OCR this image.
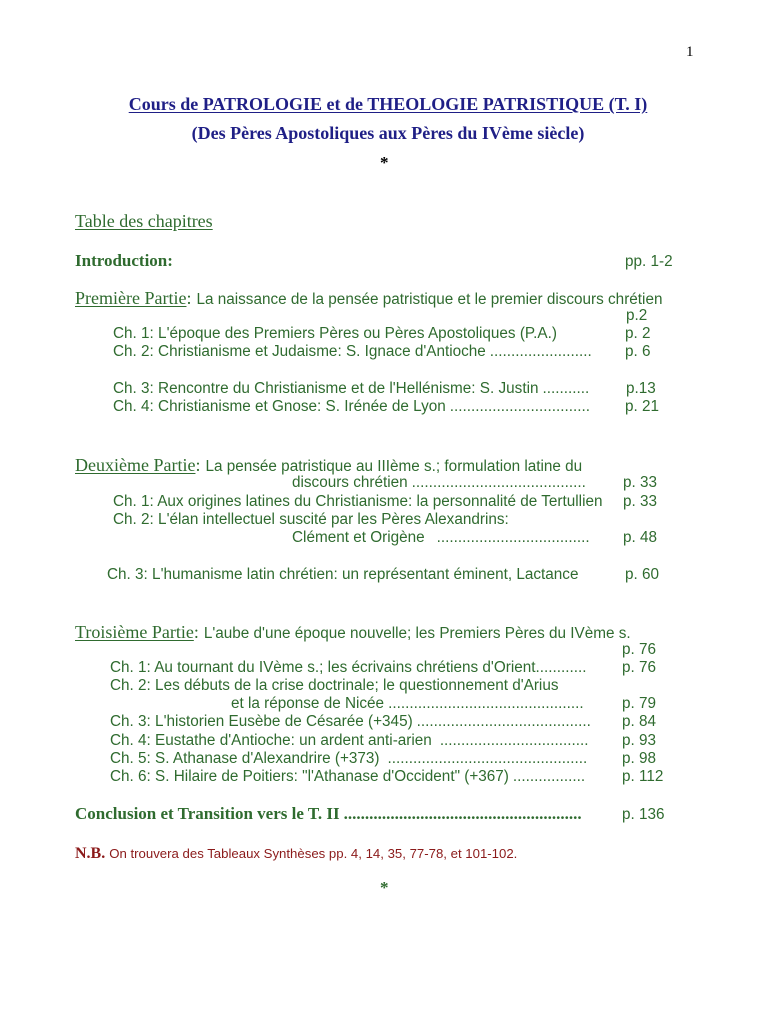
1
Cours de PATROLOGIE et de THEOLOGIE PATRISTIQUE (T. I)
(Des Pères Apostoliques aux Pères du IVème siècle)
*
Table des chapitres
Introduction:	pp. 1-2
Première Partie: La naissance de la pensée patristique et le premier discours chrétien
p.2
Ch. 1: L'époque des Premiers Pères ou Pères Apostoliques (P.A.)	p. 2
Ch. 2: Christianisme et Judaisme: S. Ignace d'Antioche ........................	p. 6
Ch. 3: Rencontre du Christianisme et de l'Hellénisme: S. Justin ...........	p.13
Ch. 4: Christianisme et Gnose: S. Irénée de Lyon .................................	p. 21
Deuxième Partie: La pensée patristique au IIIème s.; formulation latine du
discours chrétien .........................................	p. 33
Ch. 1: Aux origines latines du Christianisme: la personnalité de Tertullien p. 33
Ch. 2: L'élan intellectuel suscité par les Pères Alexandrins:
Clément et Origène ....................................	p. 48
Ch. 3: L'humanisme latin chrétien: un représentant éminent, Lactance	p. 60
Troisième Partie: L'aube d'une époque nouvelle; les Premiers Pères du IVème s.
p. 76
Ch. 1: Au tournant du IVème s.; les écrivains chrétiens d'Orient............	p. 76
Ch. 2: Les débuts de la crise doctrinale; le questionnement d'Arius
et la réponse de Nicée ..............................................	p. 79
Ch. 3: L'historien Eusèbe de Césarée (+345) .........................................	p. 84
Ch. 4: Eustathe d'Antioche: un ardent anti-arien ...................................	p. 93
Ch. 5: S. Athanase d'Alexandrire (+373) ...............................................	p. 98
Ch. 6: S. Hilaire de Poitiers: "l'Athanase d'Occident" (+367) .................	p. 112
Conclusion et Transition vers le T. II ........................................................	p. 136
N.B. On trouvera des Tableaux Synthèses pp. 4, 14, 35, 77-78, et 101-102.
*
